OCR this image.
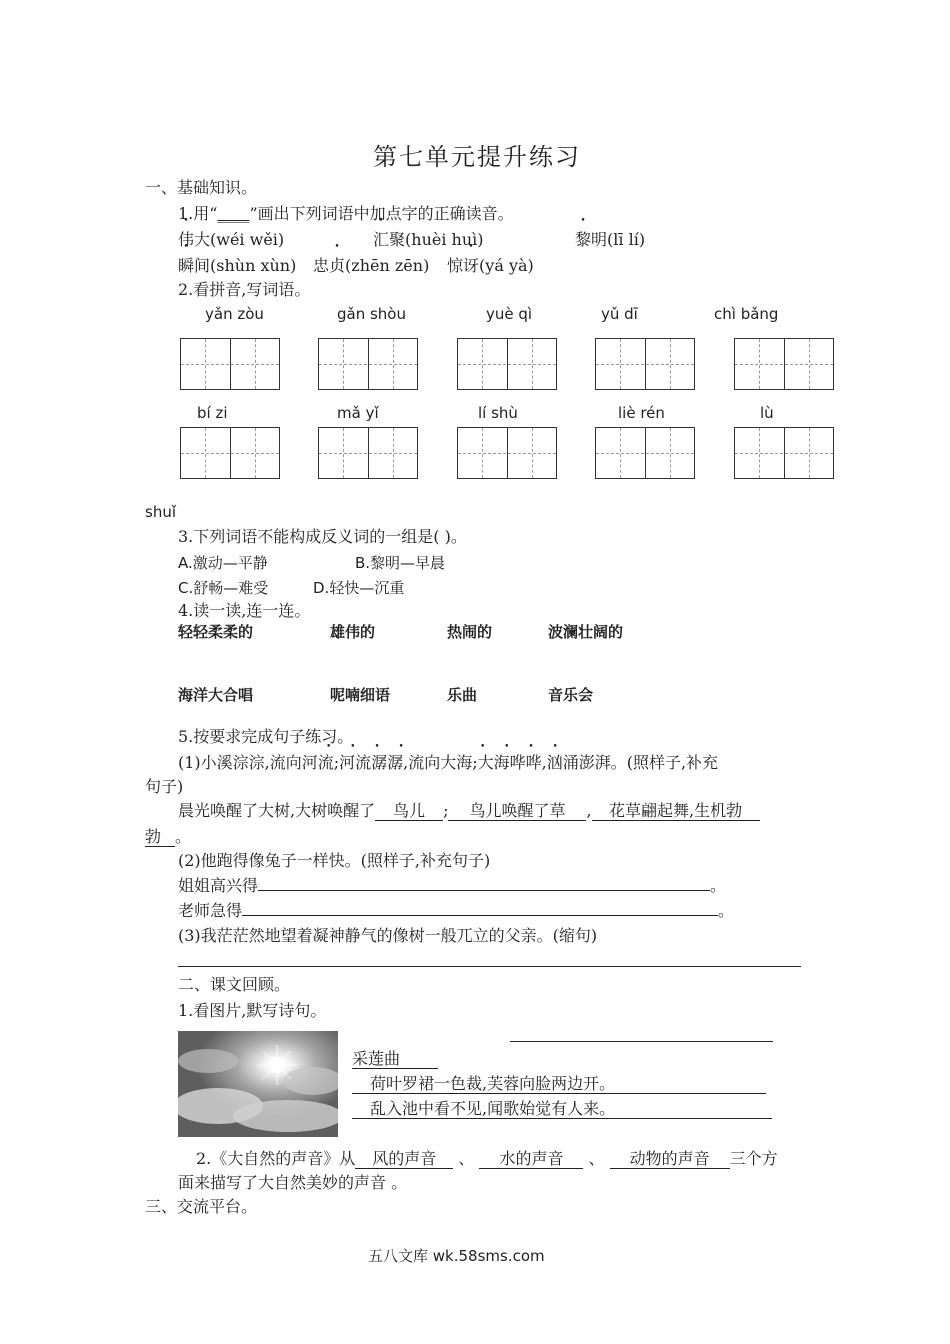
第七单元提升练习
一、基础知识。
1.用“____”画出下列词语中加点字的正确读音。
伟大(wéi wěi)	汇聚(huèi huì)	黎明(lī lí)
瞬间(shùn xùn) 忠贞(zhēn zēn) 惊讶(yá yà)
2.看拼音,写词语。
yǎn zòu	gǎn shòu	yuè qì	yǔ dī	chì bǎng
bí zi	mǎ yǐ	lí shù	liè rén	lù
shuǐ
3.下列词语不能构成反义词的一组是( )。
A.激动—平静	B.黎明—早晨
C.舒畅—难受	D.轻快—沉重
4.读一读,连一连。
轻轻柔柔的	雄伟的	热闹的	波澜壮阔的
海洋大合唱	呢喃细语	乐曲	音乐会
5.按要求完成句子练习。
(1)小溪淙淙,流向河流;河流潺潺,流向大海;大海哗哗,汹涌澎湃。(照样子,补充
• • • •	• • • •
句子)
晨光唤醒了大树,大树唤醒了 鸟儿 ; 鸟儿唤醒了草 , 花草翩起舞,生机勃
勃 。
(2)他跑得像兔子一样快。(照样子,补充句子)
姐姐高兴得	。
老师急得	。
(3)我茫茫然地望着凝神静气的像树一般兀立的父亲。(缩句)
二、课文回顾。
1.看图片,默写诗句。
采莲曲
荷叶罗裙一色裁,芙蓉向脸两边开。
乱入池中看不见,闻歌始觉有人来。
2.《大自然的声音》从 风的声音 、 水的声音 、 动物的声音 三个方
面来描写了大自然美妙的声音 。
三、交流平台。
五八文库 wk.58sms.com
